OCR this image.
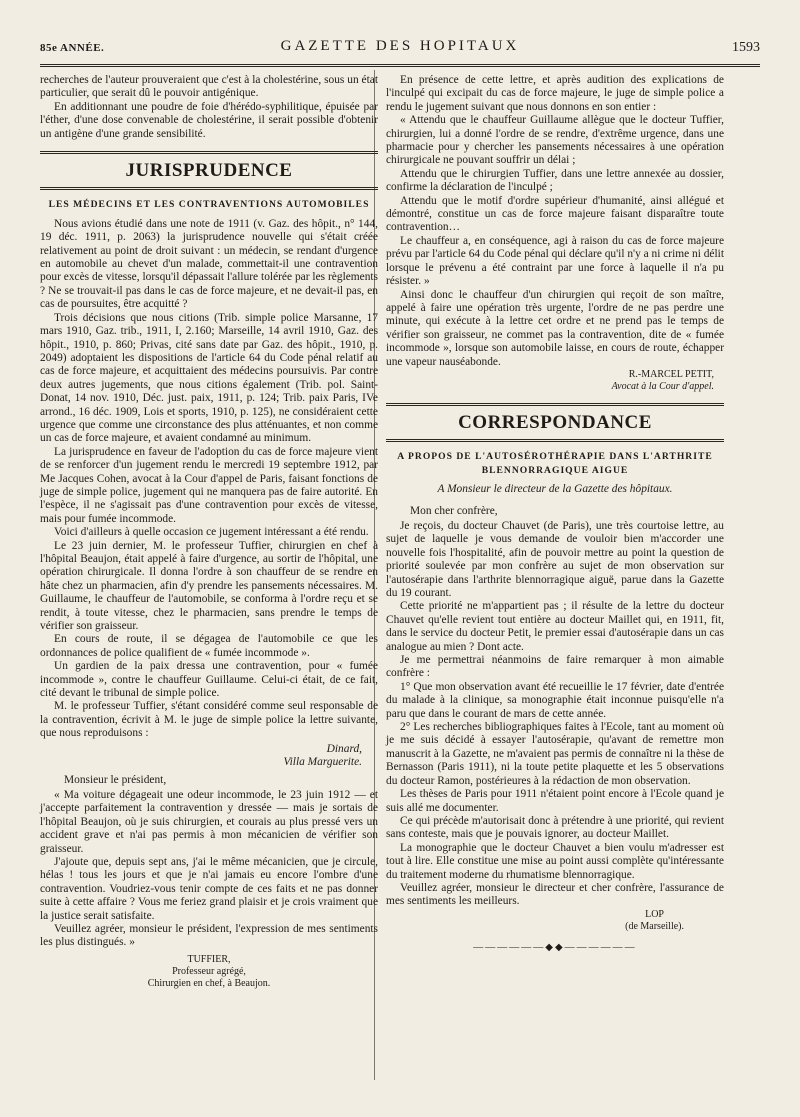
85e ANNÉE.	GAZETTE DES HOPITAUX	1593

recherches de l'auteur prouveraient que c'est à la cholestérine, sous un état particulier, que serait dû le pouvoir antigénique.

En additionnant une poudre de foie d'hérédo-syphilitique, épuisée par l'éther, d'une dose convenable de cholestérine, il serait possible d'obtenir un antigène d'une grande sensibilité.

JURISPRUDENCE
LES MÉDECINS ET LES CONTRAVENTIONS AUTOMOBILES

Nous avions étudié dans une note de 1911 (v. Gaz. des hôpit., n° 144, 19 déc. 1911, p. 2063) la jurisprudence nouvelle qui s'était créée relativement au point de droit suivant : un médecin, se rendant d'urgence en automobile au chevet d'un malade, commettait-il une contravention pour excès de vitesse, lorsqu'il dépassait l'allure tolérée par les règlements ? Ne se trouvait-il pas dans le cas de force majeure, et ne devait-il pas, en cas de poursuites, être acquitté ?

Trois décisions que nous citions (Trib. simple police Marsanne, 17 mars 1910, Gaz. trib., 1911, I, 2.160; Marseille, 14 avril 1910, Gaz. des hôpit., 1910, p. 860; Privas, cité sans date par Gaz. des hôpit., 1910, p. 2049) adoptaient les dispositions de l'article 64 du Code pénal relatif au cas de force majeure, et acquittaient des médecins poursuivis. Par contre deux autres jugements, que nous citions également (Trib. pol. Saint-Donat, 14 nov. 1910, Déc. just. paix, 1911, p. 124; Trib. paix Paris, IVe arrond., 16 déc. 1909, Lois et sports, 1910, p. 125), ne considéraient cette urgence que comme une circonstance des plus atténuantes, et non comme un cas de force majeure, et avaient condamné au minimum.

La jurisprudence en faveur de l'adoption du cas de force majeure vient de se renforcer d'un jugement rendu le mercredi 19 septembre 1912, par Me Jacques Cohen, avocat à la Cour d'appel de Paris, faisant fonctions de juge de simple police, jugement qui ne manquera pas de faire autorité. En l'espèce, il ne s'agissait pas d'une contravention pour excès de vitesse, mais pour fumée incommode.

Voici d'ailleurs à quelle occasion ce jugement intéressant a été rendu.

Le 23 juin dernier, M. le professeur Tuffier, chirurgien en chef à l'hôpital Beaujon, était appelé à faire d'urgence, au sortir de l'hôpital, une opération chirurgicale. Il donna l'ordre à son chauffeur de se rendre en hâte chez un pharmacien, afin d'y prendre les pansements nécessaires. M. Guillaume, le chauffeur de l'automobile, se conforma à l'ordre reçu et se rendit, à toute vitesse, chez le pharmacien, sans prendre le temps de vérifier son graisseur.

En cours de route, il se dégagea de l'automobile ce que les ordonnances de police qualifient de « fumée incommode ».

Un gardien de la paix dressa une contravention, pour « fumée incommode », contre le chauffeur Guillaume. Celui-ci était, de ce fait, cité devant le tribunal de simple police.

M. le professeur Tuffier, s'étant considéré comme seul responsable de la contravention, écrivit à M. le juge de simple police la lettre suivante, que nous reproduisons :

Dinard,
Villa Marguerite.

Monsieur le président,

« Ma voiture dégageait une odeur incommode, le 23 juin 1912 — et j'accepte parfaitement la contravention y dressée — mais je sortais de l'hôpital Beaujon, où je suis chirurgien, et courais au plus pressé vers un accident grave et n'ai pas permis à mon mécanicien de vérifier son graisseur.

J'ajoute que, depuis sept ans, j'ai le même mécanicien, que je circule, hélas ! tous les jours et que je n'ai jamais eu encore l'ombre d'une contravention. Voudriez-vous tenir compte de ces faits et ne pas donner suite à cette affaire ? Vous me feriez grand plaisir et je crois vraiment que la justice serait satisfaite.

Veuillez agréer, monsieur le président, l'expression de mes sentiments les plus distingués. »

TUFFIER,
Professeur agrégé,
Chirurgien en chef, à Beaujon.

En présence de cette lettre, et après audition des explications de l'inculpé qui excipait du cas de force majeure, le juge de simple police a rendu le jugement suivant que nous donnons en son entier :

« Attendu que le chauffeur Guillaume allègue que le docteur Tuffier, chirurgien, lui a donné l'ordre de se rendre, d'extrême urgence, dans une pharmacie pour y chercher les pansements nécessaires à une opération chirurgicale ne pouvant souffrir un délai ;

Attendu que le chirurgien Tuffier, dans une lettre annexée au dossier, confirme la déclaration de l'inculpé ;

Attendu que le motif d'ordre supérieur d'humanité, ainsi allégué et démontré, constitue un cas de force majeure faisant disparaître toute contravention…

Le chauffeur a, en conséquence, agi à raison du cas de force majeure prévu par l'article 64 du Code pénal qui déclare qu'il n'y a ni crime ni délit lorsque le prévenu a été contraint par une force à laquelle il n'a pu résister. »

Ainsi donc le chauffeur d'un chirurgien qui reçoit de son maître, appelé à faire une opération très urgente, l'ordre de ne pas perdre une minute, qui exécute à la lettre cet ordre et ne prend pas le temps de vérifier son graisseur, ne commet pas la contravention, dite de « fumée incommode », lorsque son automobile laisse, en cours de route, échapper une vapeur nauséabonde.

R.-MARCEL PETIT,
Avocat à la Cour d'appel.
CORRESPONDANCE
A PROPOS DE L'AUTOSÉROTHÉRAPIE DANS L'ARTHRITE BLENNORRAGIQUE AIGUE
A Monsieur le directeur de la Gazette des hôpitaux.

Mon cher confrère,

Je reçois, du docteur Chauvet (de Paris), une très courtoise lettre, au sujet de laquelle je vous demande de vouloir bien m'accorder une nouvelle fois l'hospitalité, afin de pouvoir mettre au point la question de priorité soulevée par mon confrère au sujet de mon observation sur l'autosérapie dans l'arthrite blennorragique aiguë, parue dans la Gazette du 19 courant.

Cette priorité ne m'appartient pas ; il résulte de la lettre du docteur Chauvet qu'elle revient tout entière au docteur Maillet qui, en 1911, fit, dans le service du docteur Petit, le premier essai d'autosérapie dans un cas analogue au mien ? Dont acte.

Je me permettrai néanmoins de faire remarquer à mon aimable confrère :

1° Que mon observation avant été recueillie le 17 février, date d'entrée du malade à la clinique, sa monographie était inconnue puisqu'elle n'a paru que dans le courant de mars de cette année.

2° Les recherches bibliographiques faites à l'Ecole, tant au moment où je me suis décidé à essayer l'autosérapie, qu'avant de remettre mon manuscrit à la Gazette, ne m'avaient pas permis de connaître ni la thèse de Bernasson (Paris 1911), ni la toute petite plaquette et les 5 observations du docteur Ramon, postérieures à la rédaction de mon observation.

Les thèses de Paris pour 1911 n'étaient point encore à l'Ecole quand je suis allé me documenter.

Ce qui précède m'autorisait donc à prétendre à une priorité, qui revient sans conteste, mais que je pouvais ignorer, au docteur Maillet.

La monographie que le docteur Chauvet a bien voulu m'adresser est tout à lire. Elle constitue une mise au point aussi complète qu'intéressante du traitement moderne du rhumatisme blennorragique.

Veuillez agréer, monsieur le directeur et cher confrère, l'assurance de mes sentiments les meilleurs.

LOP
(de Marseille).
——————◆◆——————
